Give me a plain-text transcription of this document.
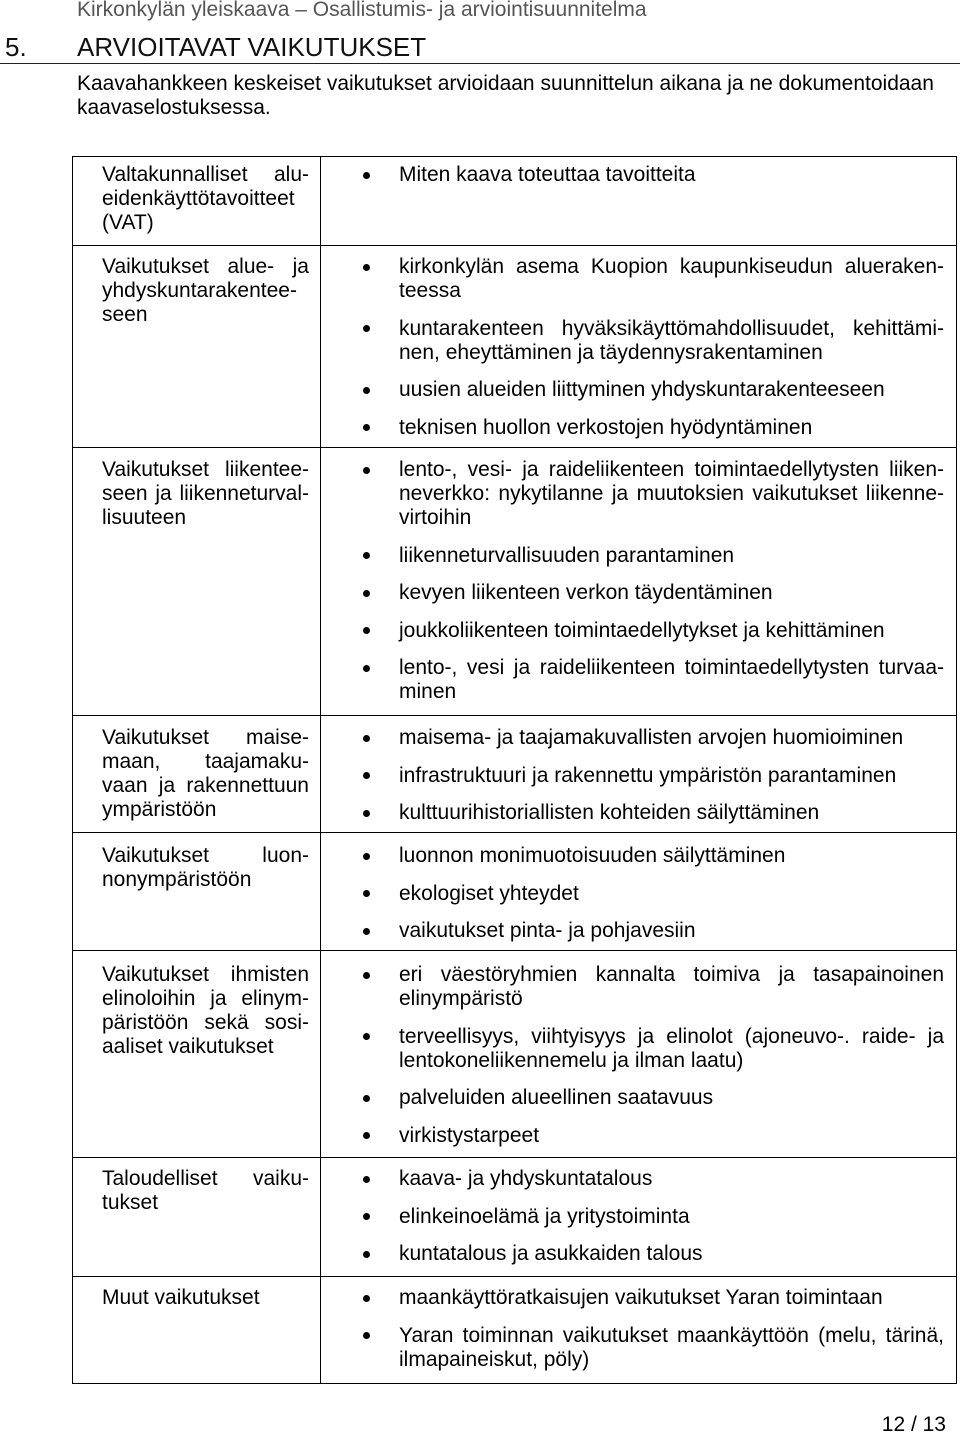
Kirkonkylän yleiskaava – Osallistumis- ja arviointisuunnitelma
5. ARVIOITAVAT VAIKUTUKSET
Kaavahankkeen keskeiset vaikutukset arvioidaan suunnittelun aikana ja ne dokumentoidaan
kaavaselostuksessa.
Valtakunnalliset alu-
eidenkäyttötavoitteet
(VAT)
Miten kaava toteuttaa tavoitteita
Vaikutukset alue- ja
yhdyskuntarakentee-
seen
kirkonkylän asema Kuopion kaupunkiseudun alueraken-
teessa
kuntarakenteen hyväksikäyttömahdollisuudet, kehittämi-
nen, eheyttäminen ja täydennysrakentaminen
uusien alueiden liittyminen yhdyskuntarakenteeseen
teknisen huollon verkostojen hyödyntäminen
Vaikutukset liikentee-
seen ja liikenneturval-
lisuuteen
lento-, vesi- ja raideliikenteen toimintaedellytysten liiken-
neverkko: nykytilanne ja muutoksien vaikutukset liikenne-
virtoihin
liikenneturvallisuuden parantaminen
kevyen liikenteen verkon täydentäminen
joukkoliikenteen toimintaedellytykset ja kehittäminen
lento-, vesi ja raideliikenteen toimintaedellytysten turvaa-
minen
Vaikutukset maise-
maan, taajamaku-
vaan ja rakennettuun
ympäristöön
maisema- ja taajamakuvallisten arvojen huomioiminen
infrastruktuuri ja rakennettu ympäristön parantaminen
kulttuurihistoriallisten kohteiden säilyttäminen
Vaikutukset luon-
nonympäristöön
luonnon monimuotoisuuden säilyttäminen
ekologiset yhteydet
vaikutukset pinta- ja pohjavesiin
Vaikutukset ihmisten
elinoloihin ja elinym-
päristöön sekä sosi-
aaliset vaikutukset
eri väestöryhmien kannalta toimiva ja tasapainoinen
elinympäristö
terveellisyys, viihtyisyys ja elinolot (ajoneuvo-. raide- ja
lentokoneliikennemelu ja ilman laatu)
palveluiden alueellinen saatavuus
virkistystarpeet
Taloudelliset vaiku-
tukset
kaava- ja yhdyskuntatalous
elinkeinoelämä ja yritystoiminta
kuntatalous ja asukkaiden talous
Muut vaikutukset	maankäyttöratkaisujen vaikutukset Yaran toimintaan
Yaran toiminnan vaikutukset maankäyttöön (melu, tärinä,
ilmapaineiskut, pöly)
12 / 13
